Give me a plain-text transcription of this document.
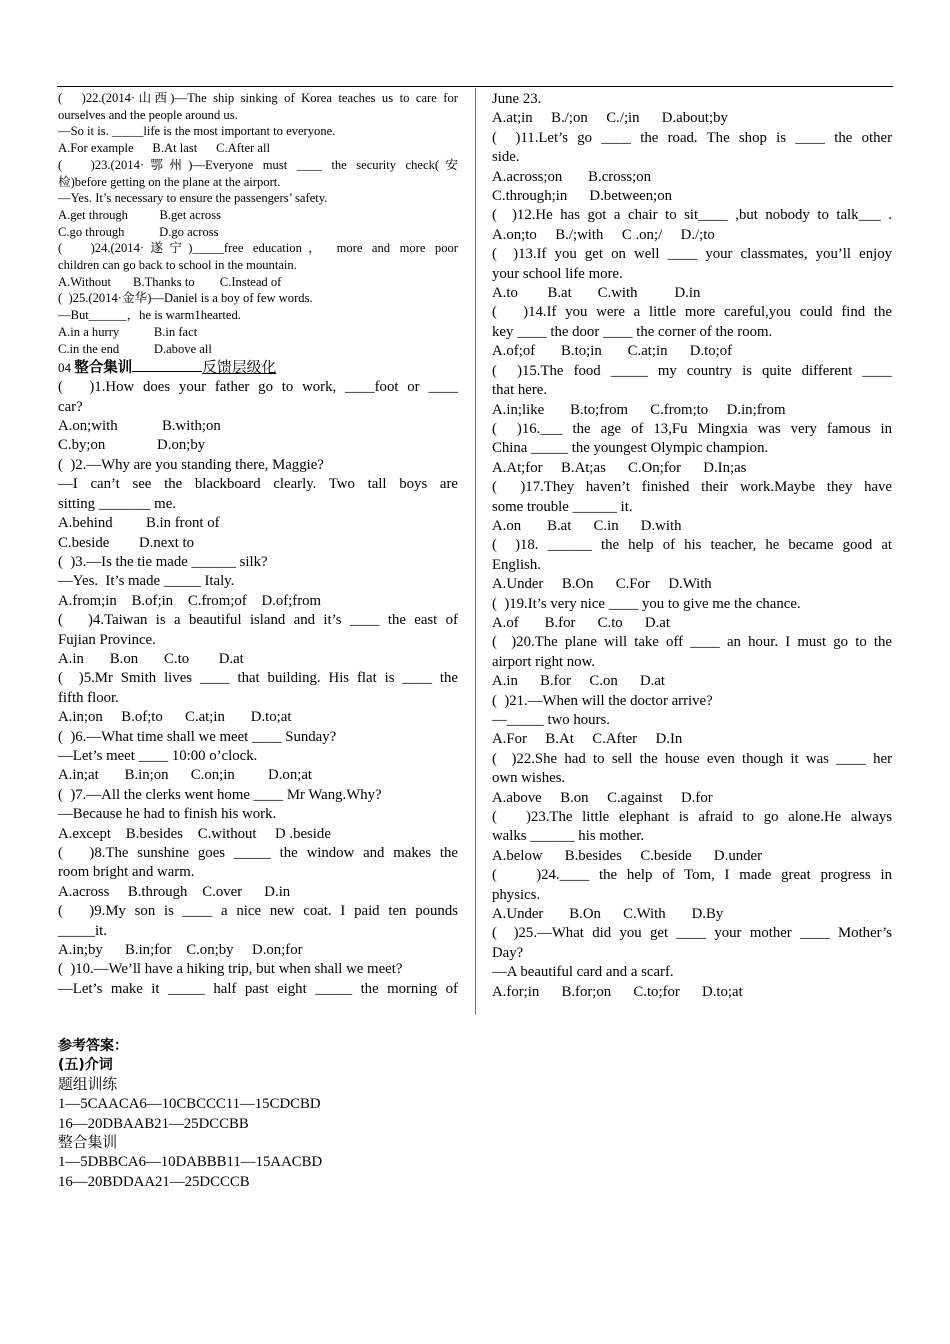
(   )22.(2014·山西)—The ship sinking of Korea teaches us to care for
ourselves and the people around us.
—So it is. _____life is the most important to everyone.
A.For example      B.At last      C.After all
(   )23.(2014·鄂州)—Everyone must ____ the security check(安
检)before getting on the plane at the airport.
—Yes. It’s necessary to ensure the passengers’ safety.
A.get through          B.get across
C.go through           D.go across
(   )24.(2014·遂宁)_____free education， more and more poor
children can go back to school in the mountain.
A.Without       B.Thanks to        C.Instead of
(  )25.(2014·金华)—Daniel is a boy of few words.
—But______，he is warm1hearted.
A.in a hurry           B.in fact
C.in the end           D.above all
04 整合集训	反馈层级化
(   )1.How does your father go to work, ____foot or ____
car?
A.on;with            B.with;on
C.by;on              D.on;by
(  )2.—Why are you standing there, Maggie?
—I can’t see the blackboard clearly. Two tall boys are
sitting _______ me.
A.behind         B.in front of
C.beside        D.next to
(  )3.—Is the tie made ______ silk?
—Yes.  It’s made _____ Italy.
A.from;in    B.of;in    C.from;of    D.of;from
(   )4.Taiwan is a beautiful island and it’s ____ the east of
Fujian Province.
A.in       B.on       C.to        D.at
(  )5.Mr Smith lives ____ that building. His flat is ____ the
fifth floor.
A.in;on     B.of;to      C.at;in       D.to;at
(  )6.—What time shall we meet ____ Sunday?
—Let’s meet ____ 10:00 o’clock.
A.in;at       B.in;on      C.on;in         D.on;at
(  )7.—All the clerks went home ____ Mr Wang.Why?
—Because he had to finish his work.
A.except    B.besides    C.without     D .beside
(   )8.The sunshine goes _____ the window and makes the
room bright and warm.
A.across     B.through    C.over      D.in
(   )9.My son is ____ a nice new coat. I paid ten pounds
_____it.
A.in;by      B.in;for    C.on;by     D.on;for
(  )10.—We’ll have a hiking trip, but when shall we meet?
—Let’s make it _____ half past eight _____ the morning of
June 23.
A.at;in     B./;on     C./;in      D.about;by
(  )11.Let’s go ____ the road. The shop is ____ the other
side.
A.across;on       B.cross;on
C.through;in      D.between;on
(  )12.He has got a chair to sit____ ,but nobody to talk___ .
A.on;to     B./;with     C .on;/     D./;to
(  )13.If you get on well ____ your classmates, you’ll enjoy
your school life more.
A.to        B.at       C.with          D.in
(   )14.If you were a little more careful,you could find the
key ____ the door ____ the corner of the room.
A.of;of       B.to;in       C.at;in      D.to;of
(  )15.The food _____ my country is quite different ____
that here.
A.in;like       B.to;from      C.from;to     D.in;from
(  )16.___ the age of 13,Fu Mingxia was very famous in
China _____ the youngest Olympic champion.
A.At;for     B.At;as      C.On;for      D.In;as
(  )17.They haven’t finished their work.Maybe they have
some trouble ______ it.
A.on       B.at      C.in      D.with
(  )18. ______ the help of his teacher, he became good at
English.
A.Under     B.On      C.For     D.With
(  )19.It’s very nice ____ you to give me the chance.
A.of       B.for      C.to      D.at
(  )20.The plane will take off ____ an hour. I must go to the
airport right now.
A.in      B.for     C.on      D.at
(  )21.—When will the doctor arrive?
—_____ two hours.
A.For     B.At     C.After     D.In
(  )22.She had to sell the house even though it was ____ her
own wishes.
A.above     B.on     C.against     D.for
(   )23.The little elephant is afraid to go alone.He always
walks ______ his mother.
A.below      B.besides     C.beside      D.under
(    )24.____ the help of Tom, I made great progress in
physics.
A.Under       B.On      C.With       D.By
(  )25.—What did you get ____ your mother ____ Mother’s
Day?
—A beautiful card and a scarf.
A.for;in      B.for;on      C.to;for      D.to;at
参考答案：
(五)介词
题组训练
1—5CAACA6—10CBCCC11—15CDCBD
16—20DBAAB21—25DCCBB
整合集训
1—5DBBCA6—10DABBB11—15AACBD
16—20BDDAA21—25DCCCB
